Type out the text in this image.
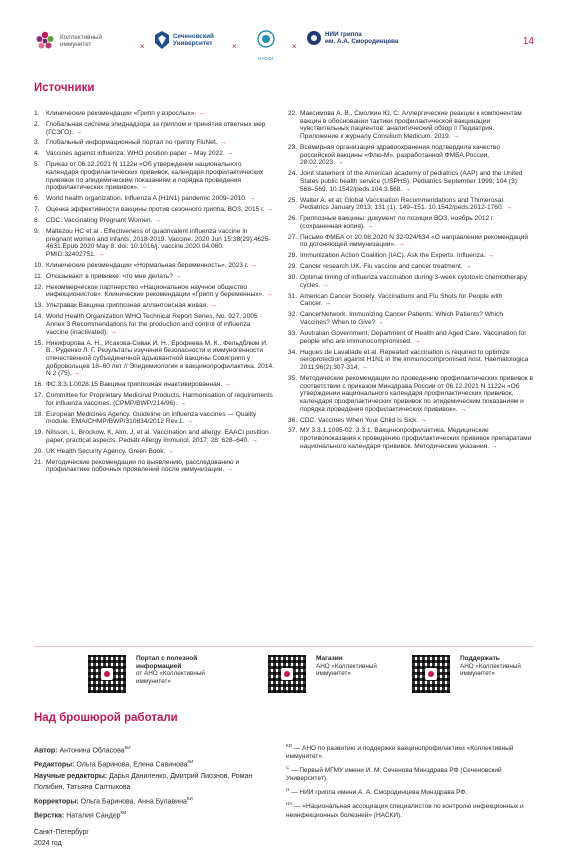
Коллективный
иммунитет	×
Сеченовский
Университет ×
НАСКИ
×
НИИ гриппа
им. А.А. Смородинцева	14
Источники
1. Клинические рекомендации «Грипп у взрослых». →
2. Глобальная система эпиднадзора за гриппом и принятия ответных мер (ГСЭГО). →
3. Глобальный информационный портал по гриппу FluNet. →
4. Vaccines against influenza: WHO position paper – May 2022. →
5. Приказ от 06.12.2021 N 1122н «Об утверждении национального календаря профилактических прививок, календаря профилактических прививок по эпидемическим показаниям и порядка проведения профилактических прививок». →
6. World health organization. Influenza A (H1N1) pandemic 2009–2010. →
7. Оценка эффективности вакцины против сезонного гриппа, ВОЗ, 2015 г. →
8. CDC. Vaccinating Pregnant Women. →
9. Maltezou HC et al . Effectiveness of quadrivalent influenza vaccine in pregnant women and infants, 2018-2019. Vaccine. 2020 Jun 15;38(29):4625-4631.Epub 2020 May 8. doi: 10.1016/j. vaccine.2020.04.060. PMID:32402751. →
10. Клинические рекомендации «Нормальная беременность», 2023 г. →
11. Отказывают в прививке: что мне делать? →
12. Некоммерческое партнерство «Национальное научное общество инфекционистов». Клинические рекомендации «Грипп у беременных». →
13. Ультравак Вакцина гриппозная аллантоисная живая. →
14. World Health Organization WHO Technical Report Series, No. 927, 2005 Annex 3 Recommendations for the production and control of influenza vaccine (inactivated). →
15. Никифорова А. Н., Исакова-Сивак И. Н., Ерофеева М. К., Фельдблюм И. В., Руденко Л. Г. Результаты изучения безопасности и иммуногенности отечественной субъединичной адъювантной вакцины Совигрипп у добровольцев 18–60 лет // Эпидемиология и вакцинопрофилактика. 2014. N 2 (75). →
16. ФС.3.3.1.0028.15 Вакцина гриппозная инактивированная. →
17. Committee for Proprietary Medicinal Products. Harmonisation of requirements for influenza vaccines. (CPMP/BWP/214/96). →
18. European Medicines Agency. Guideline on influenza vaccines — Quality module. EMA/CHMP/BWP/310834/2012 Rev.1. →
19. Nilsson, L, Brockow, K, Alm, J, et al. Vaccination and allergy: EAACI position paper, practical aspects. Pediatr Allergy Immunol. 2017; 28: 628–640. →
20. UK Health Security Agency. Green Book. →
21. Методические рекомендации по выявлению, расследованию и профилактике побочных проявлений после иммунизации. →
22. Максимова А. В., Смолкин Ю. С. Аллергические реакции к компонентам вакцин в обосновании тактики профилактической вакцинации чувствительных пациентов: аналитический обзор // Педиатрия. Приложение к журналу Consilium Medicum. 2019. →
23. Всемирная организация здравоохранения подтвердила качество российской вакцины «Флю-М», разработанной ФМБА России, 28.02.2023. →
24. Joint statement of the American academy of pediatrics (AAP) and the United States public health service (USPHS). Pediatrics September 1999; 104 (3): 568–569. 10.1542/peds.104.3.568. →
25. Walter A. et al; Global Vaccination Recommendations and Thimerosal. Pediatrics January 2013; 131 (1): 149–151. 10.1542/peds.2012-1760. →
26. Гриппозные вакцины: документ по позиции ВОЗ, ноябрь 2012 г (сохраненная копия). →
27. Письмо ФМБА от 20.08.2020 N 32-024/634 «О направлении рекомендаций по догоняющей иммунизации». →
28. Immunization Action Coalition (IAC). Ask the Experts. Influenza. →
29. Cancer research UK. Flu vaccine and cancer treatment. →
30. Optimal timing of influenza vaccination during 3-week cytotoxic chemotherapy cycles. →
31. American Cancer Society. Vaccinations and Flu Shots for People with Cancer. →
32. CancerNetwork. Immunizing Cancer Patients: Which Patients? Which Vaccines? When to Give? →
33. Australian Government, Department of Health and Aged Care. Vaccination for people who are immunocompromised. →
34. Hugues de Lavallade et al. Repeated vaccination is required to optimize seroprotection against H1N1 in the immunocompromised host. Haematologica 2011;96(2):307-314; →
35. Методические рекомендации по проведению профилактических прививок в соответствии с приказом Минздрава России от 06.12.2021 N 1122н «Об утверждении национального календаря профилактических прививок, календаря профилактических прививок по эпидемическим показаниям и порядка проведения профилактических прививок». →
36. CDC. Vaccines When Your Child Is Sick. →
37. МУ 3.3.1.1095-02. 3.3.1. Вакцинопрофилактика. Медицинские противопоказания к проведению профилактических прививок препаратами национального календаря прививок. Методические указания. →
Портал с полезной информацией
от АНО «Коллективный иммунитет»
Магазин
АНО «Коллективный иммунитет»
Поддержать
АНО «Коллективный иммунитет»
Над брошюрой работали
Автор: Антонина Обласова$^{КИ}$
Редакторы: Ольга Баринова, Елена Савинова$^{КИ}$
Научные редакторы: Дарья Даниленко, Дмитрий Лиознов, Роман Полибин, Татьяна Салтыкова
Корректоры: Ольга Баринова, Анна Булавина$^{КИ}$
Верстка: Наталия Сандер$^{КИ}$
Санкт-Петербург
2024 год

$^{КИ}$ — АНО по развитию и поддержке вакцинопрофилактики «Коллективный иммунитет».

$^С$ — Первый МГМУ имени И. М. Сеченова Минздрава РФ (Сеченовский Университет).

$^Н$ — НИИ гриппа имени А. А. Смородинцева Минздрава РФ.

$^{НА}$ — «Национальная ассоциация специалистов по контролю инфекционных и неинфекционных болезней» (НАСКИ).
